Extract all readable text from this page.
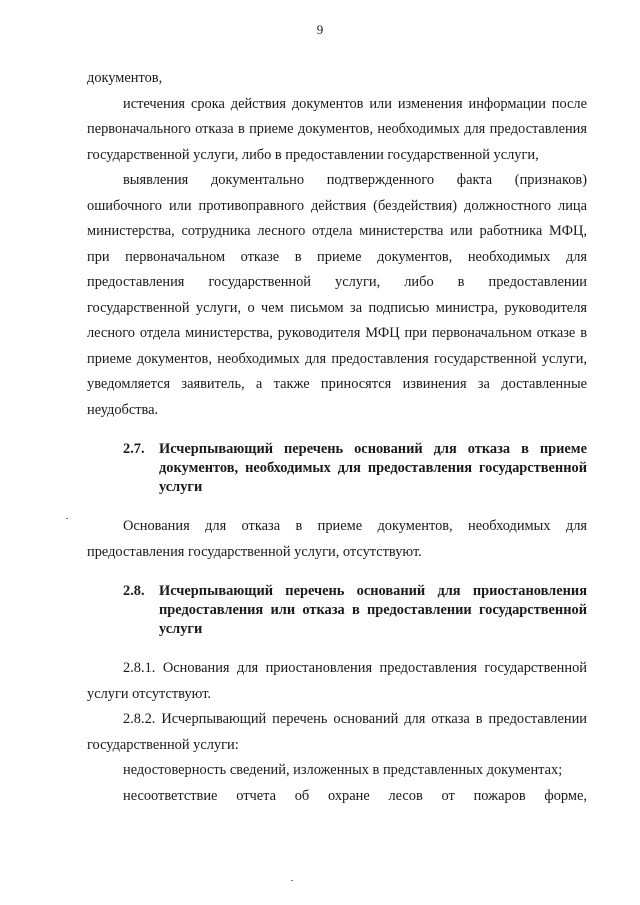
9

документов,

истечения срока действия документов или изменения информации после первоначального отказа в приеме документов, необходимых для предоставления государственной услуги, либо в предоставлении государственной услуги,

выявления документально подтвержденного факта (признаков) ошибочного или противоправного действия (бездействия) должностного лица министерства, сотрудника лесного отдела министерства или работника МФЦ, при первоначальном отказе в приеме документов, необходимых для предоставления государственной услуги, либо в предоставлении государственной услуги, о чем письмом за подписью министра, руководителя лесного отдела министерства, руководителя МФЦ при первоначальном отказе в приеме документов, необходимых для предоставления государственной услуги, уведомляется заявитель, а также приносятся извинения за доставленные неудобства.

2.7.	Исчерпывающий перечень оснований для отказа в приеме документов, необходимых для предоставления государственной услуги

Основания для отказа в приеме документов, необходимых для предоставления государственной услуги, отсутствуют.

2.8.	Исчерпывающий перечень оснований для приостановления предоставления или отказа в предоставлении государственной услуги

2.8.1. Основания для приостановления предоставления государственной услуги отсутствуют.

2.8.2. Исчерпывающий перечень оснований для отказа в предоставлении государственной услуги:

недостоверность сведений, изложенных в представленных документах;

несоответствие отчета об охране лесов от пожаров форме,
